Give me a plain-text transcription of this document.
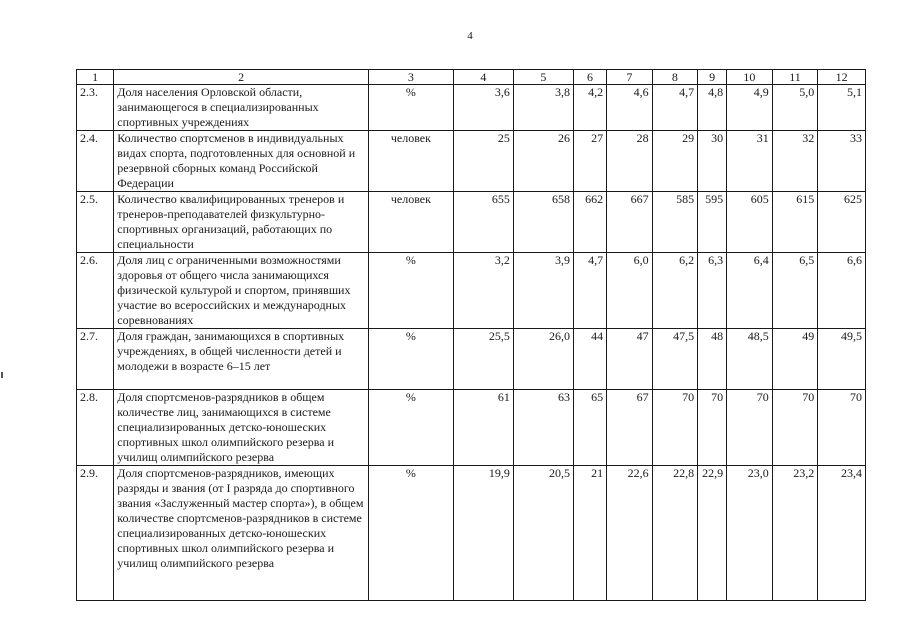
4
1	2	3	4	5	6	7	8	9	10	11	12
2.3.	Доля населения Орловской области, занимающегося в специализированных спортивных учреждениях	%	3,6	3,8	4,2	4,6	4,7	4,8	4,9	5,0	5,1
2.4.	Количество спортсменов в индивидуальных видах спорта, подготовленных для основной и резервной сборных команд Российской Федерации	человек	25	26	27	28	29	30	31	32	33
2.5.	Количество квалифицированных тренеров и тренеров-преподавателей физкультурно-спортивных организаций, работающих по специальности	человек	655	658	662	667	585	595	605	615	625
2.6.	Доля лиц с ограниченными возможностями здоровья от общего числа занимающихся физической культурой и спортом, принявших участие во всероссийских и международных соревнованиях	%	3,2	3,9	4,7	6,0	6,2	6,3	6,4	6,5	6,6
2.7.	Доля граждан, занимающихся в спортивных учреждениях, в общей численности детей и молодежи в возрасте 6–15 лет	%	25,5	26,0	44	47	47,5	48	48,5	49	49,5
2.8.	Доля спортсменов-разрядников в общем количестве лиц, занимающихся в системе специализированных детско-юношеских спортивных школ олимпийского резерва и училищ олимпийского резерва	%	61	63	65	67	70	70	70	70	70
2.9.	Доля спортсменов-разрядников, имеющих разряды и звания (от I разряда до спортивного звания «Заслуженный мастер спорта»), в общем количестве спортсменов-разрядников в системе специализированных детско-юношеских спортивных школ олимпийского резерва и училищ олимпийского резерва	%	19,9	20,5	21	22,6	22,8	22,9	23,0	23,2	23,4
